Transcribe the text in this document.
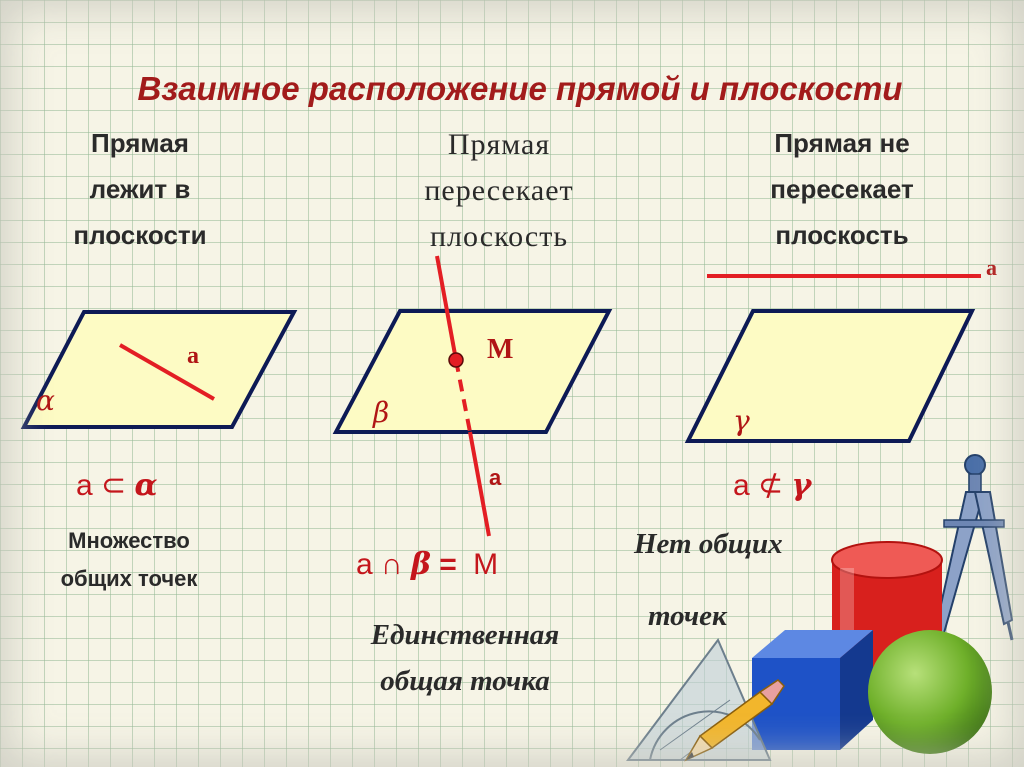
Взаимное расположение прямой и плоскости
Прямая
лежит в
плоскости
Прямая
пересекает
плоскость
Прямая не
пересекает
плоскость
α
a
β
M
a
γ
a
a ⊂ α
a ∩ β = M
a ⊄ γ
Множество
общих точек
Единственная
общая точка
Нет общих
точек
